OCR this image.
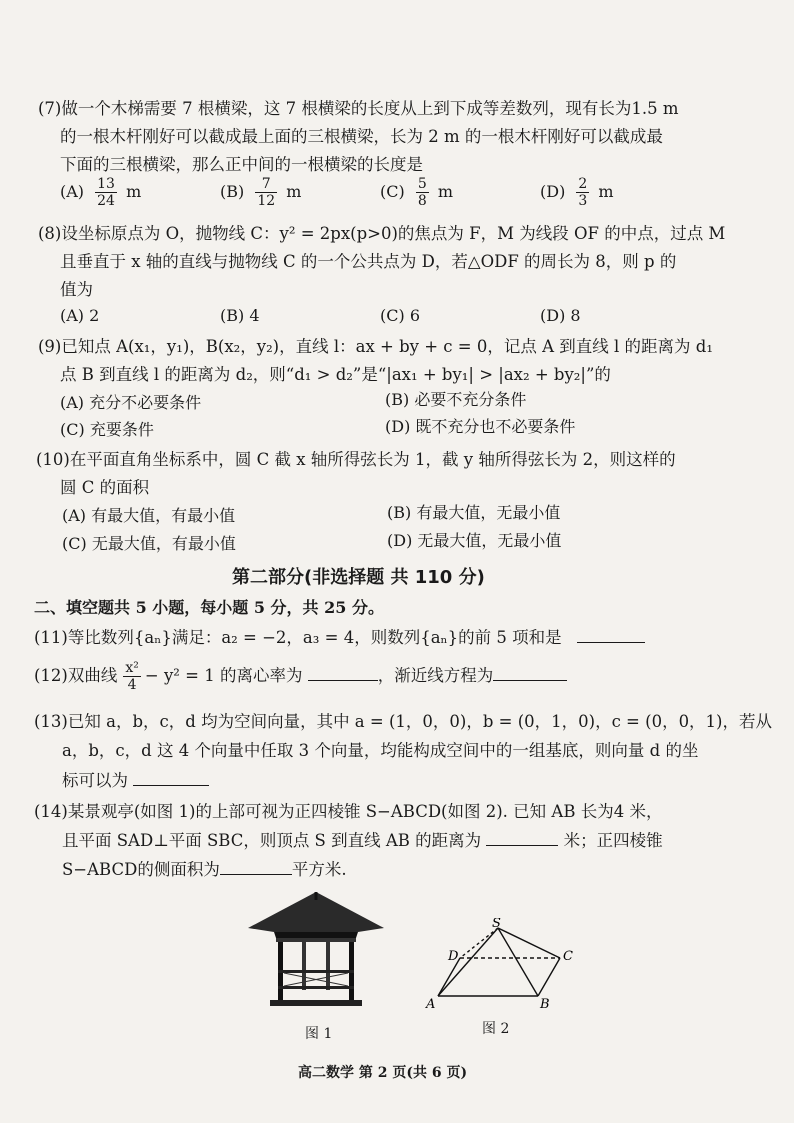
(7)做一个木梯需要 7 根横梁，这 7 根横梁的长度从上到下成等差数列，现有长为1.5 m
的一根木杆刚好可以截成最上面的三根横梁，长为 2 m 的一根木杆刚好可以截成最
下面的三根横梁，那么正中间的一根横梁的长度是
$(A) \frac{13}{24}$ m	$(B) \frac{7}{12}$ m	$(C) \frac{5}{8}$ m	$(D) \frac{2}{3}$ m
(8)设坐标原点为 O，抛物线 C：y² = 2px(p>0)的焦点为 F，M 为线段 OF 的中点，过点 M
且垂直于 x 轴的直线与抛物线 C 的一个公共点为 D，若△ODF 的周长为 8，则 p 的
值为
(A) 2	(B) 4	(C) 6	(D) 8
(9)已知点 A(x₁，y₁)，B(x₂，y₂)，直线 l：ax + by + c = 0，记点 A 到直线 l 的距离为 d₁
点 B 到直线 l 的距离为 d₂，则“d₁ > d₂”是“|ax₁ + by₁| > |ax₂ + by₂|”的
(A) 充分不必要条件	(B) 必要不充分条件
(C) 充要条件	(D) 既不充分也不必要条件
(10)在平面直角坐标系中，圆 C 截 x 轴所得弦长为 1，截 y 轴所得弦长为 2，则这样的
圆 C 的面积
(A) 有最大值，有最小值	(B) 有最大值，无最小值
(C) 无最大值，有最小值	(D) 无最大值，无最小值
第二部分(非选择题 共 110 分)
二、填空题共 5 小题，每小题 5 分，共 25 分。
(11)等比数列{aₙ}满足：a₂ = −2，a₃ = 4，则数列{aₙ}的前 5 项和是
(12)双曲线 $\frac{\text{x²}}{4} - y^2 = 1$ 的离心率为	，渐近线方程为
(13)已知 a，b，c，d 均为空间向量，其中 a = (1，0，0)，b = (0，1，0)，c = (0，0，1)，若从
a，b，c，d 这 4 个向量中任取 3 个向量，均能构成空间中的一组基底，则向量 d 的坐
标可以为
(14)某景观亭(如图 1)的上部可视为正四棱锥 S−ABCD(如图 2). 已知 AB 长为4 米，
且平面 SAD⊥平面 SBC，则顶点 S 到直线 AB 的距离为	米；正四棱锥
S−ABCD的侧面积为	平方米.
S
D	C
A	B
图 1	图 2
高二数学 第 2 页(共 6 页)
